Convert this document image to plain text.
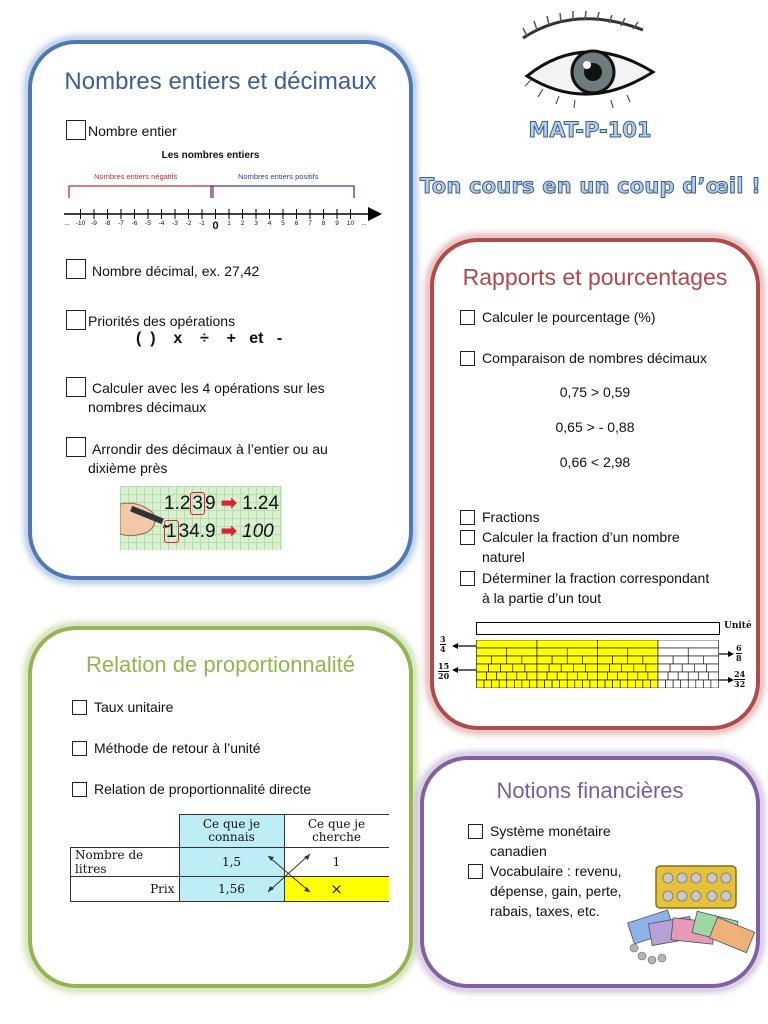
MAT-P-101
Ton cours en un coup d’œil !
Nombres entiers et décimaux
Nombre entier
Les nombres entiers
Nombres entiers négatifs	Nombres entiers positifs
... -10 -9	-8	-7	-6	-5	-4	-3	-2	-1 0	1	2	3	4	5	6	7	8	9	10	...
Nombre décimal, ex. 27,42
Priorités des opérations
(  )    x    ÷    +   et   -
Calculer avec les 4 opérations sur les
nombres décimaux
Arrondir des décimaux à l’entier ou au
dixième près
1.2 3 9 ➡ 1.24
1 34.9 ➡ 100
Rapports et pourcentages
Calculer le pourcentage (%)
Comparaison de nombres décimaux
0,75 > 0,59
0,65 > - 0,88
0,66 < 2,98
Fractions
Calculer la fraction d’un nombre
naturel
Déterminer la fraction correspondant
à la partie d’un tout
Unité
3
4
15
20
6
8
24
32
Relation de proportionnalité
Taux unitaire
Méthode de retour à l’unité
Relation de proportionnalité directe
	Ce que je connais	Ce que je cherche
Nombre de litres	1,5	1
Prix	1,56	×
Notions financières
Système monétaire
canadien
Vocabulaire : revenu,
dépense, gain, perte,
rabais, taxes, etc.
